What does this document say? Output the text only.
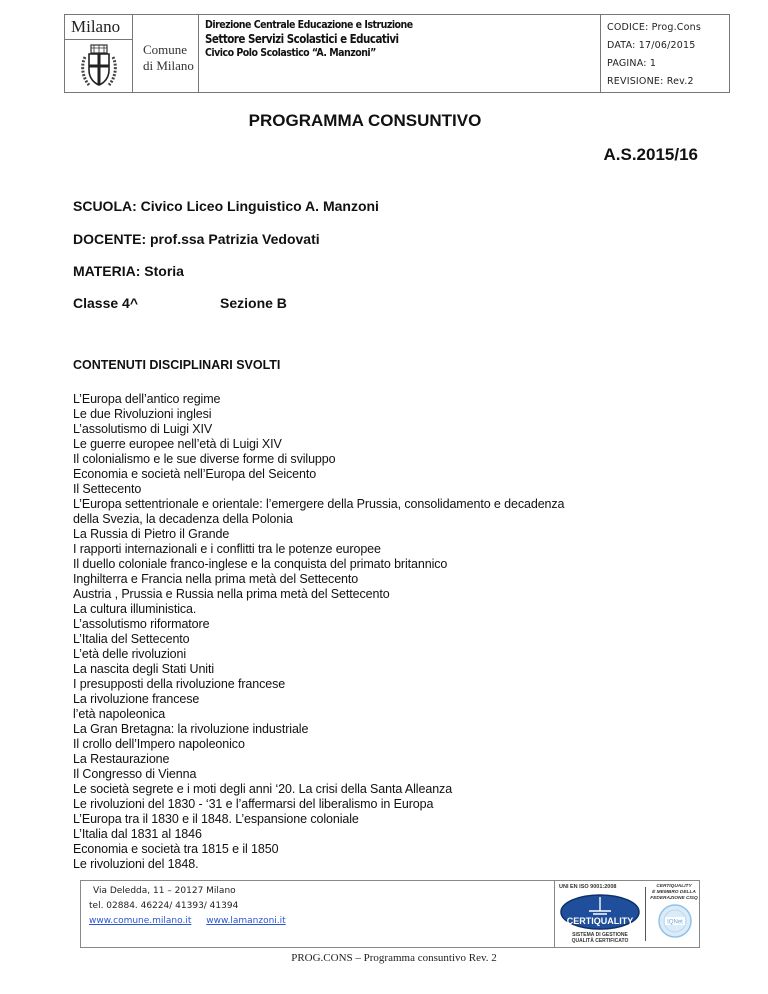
Milano
Comune
di Milano
Direzione Centrale Educazione e Istruzione
Settore Servizi Scolastici e Educativi
Civico Polo Scolastico “A. Manzoni”
CODICE: Prog.Cons
DATA: 17/06/2015
PAGINA: 1
REVISIONE: Rev.2
PROGRAMMA CONSUNTIVO
A.S.2015/16
SCUOLA: Civico Liceo Linguistico A. Manzoni
DOCENTE: prof.ssa Patrizia Vedovati
MATERIA: Storia
Classe 4^	Sezione B
CONTENUTI DISCIPLINARI SVOLTI
L’Europa dell’antico regime
Le due Rivoluzioni inglesi
L’assolutismo di Luigi XIV
Le guerre europee nell’età di Luigi XIV
Il colonialismo e le sue diverse forme di sviluppo
Economia e società nell’Europa del Seicento
Il Settecento
L’Europa settentrionale e orientale: l’emergere della Prussia, consolidamento e decadenza
della Svezia, la decadenza della Polonia
La Russia di Pietro il Grande
I rapporti internazionali e i conflitti tra le potenze europee
Il duello coloniale franco-inglese e la conquista del primato britannico
Inghilterra e Francia nella prima metà del Settecento
Austria , Prussia e Russia nella prima metà del Settecento
La cultura illuministica.
L’assolutismo riformatore
L’Italia del Settecento
L’età delle rivoluzioni
La nascita degli Stati Uniti
I presupposti della rivoluzione francese
La rivoluzione francese
l’età napoleonica
La Gran Bretagna: la rivoluzione industriale
Il crollo dell’Impero napoleonico
La Restaurazione
Il Congresso di Vienna
Le società segrete e i moti degli anni ‘20. La crisi della Santa Alleanza
Le rivoluzioni del 1830 - ‘31 e l’affermarsi del liberalismo in Europa
L’Europa tra il 1830 e il 1848. L’espansione coloniale
L’Italia dal 1831 al 1846
Economia e società tra 1815 e il 1850
Le rivoluzioni del 1848.
Via Deledda, 11 – 20127 Milano
tel. 02884. 46224/ 41393/ 41394
www.comune.milano.it www.lamanzoni.it
UNI EN ISO 9001:2008
CERTIQUALITY
SISTEMA DI GESTIONE
QUALITÀ CERTIFICATO
CERTIQUALITY
È MEMBRO DELLA
FEDERAZIONE CISQ
IQNet
PROG.CONS – Programma consuntivo Rev. 2
